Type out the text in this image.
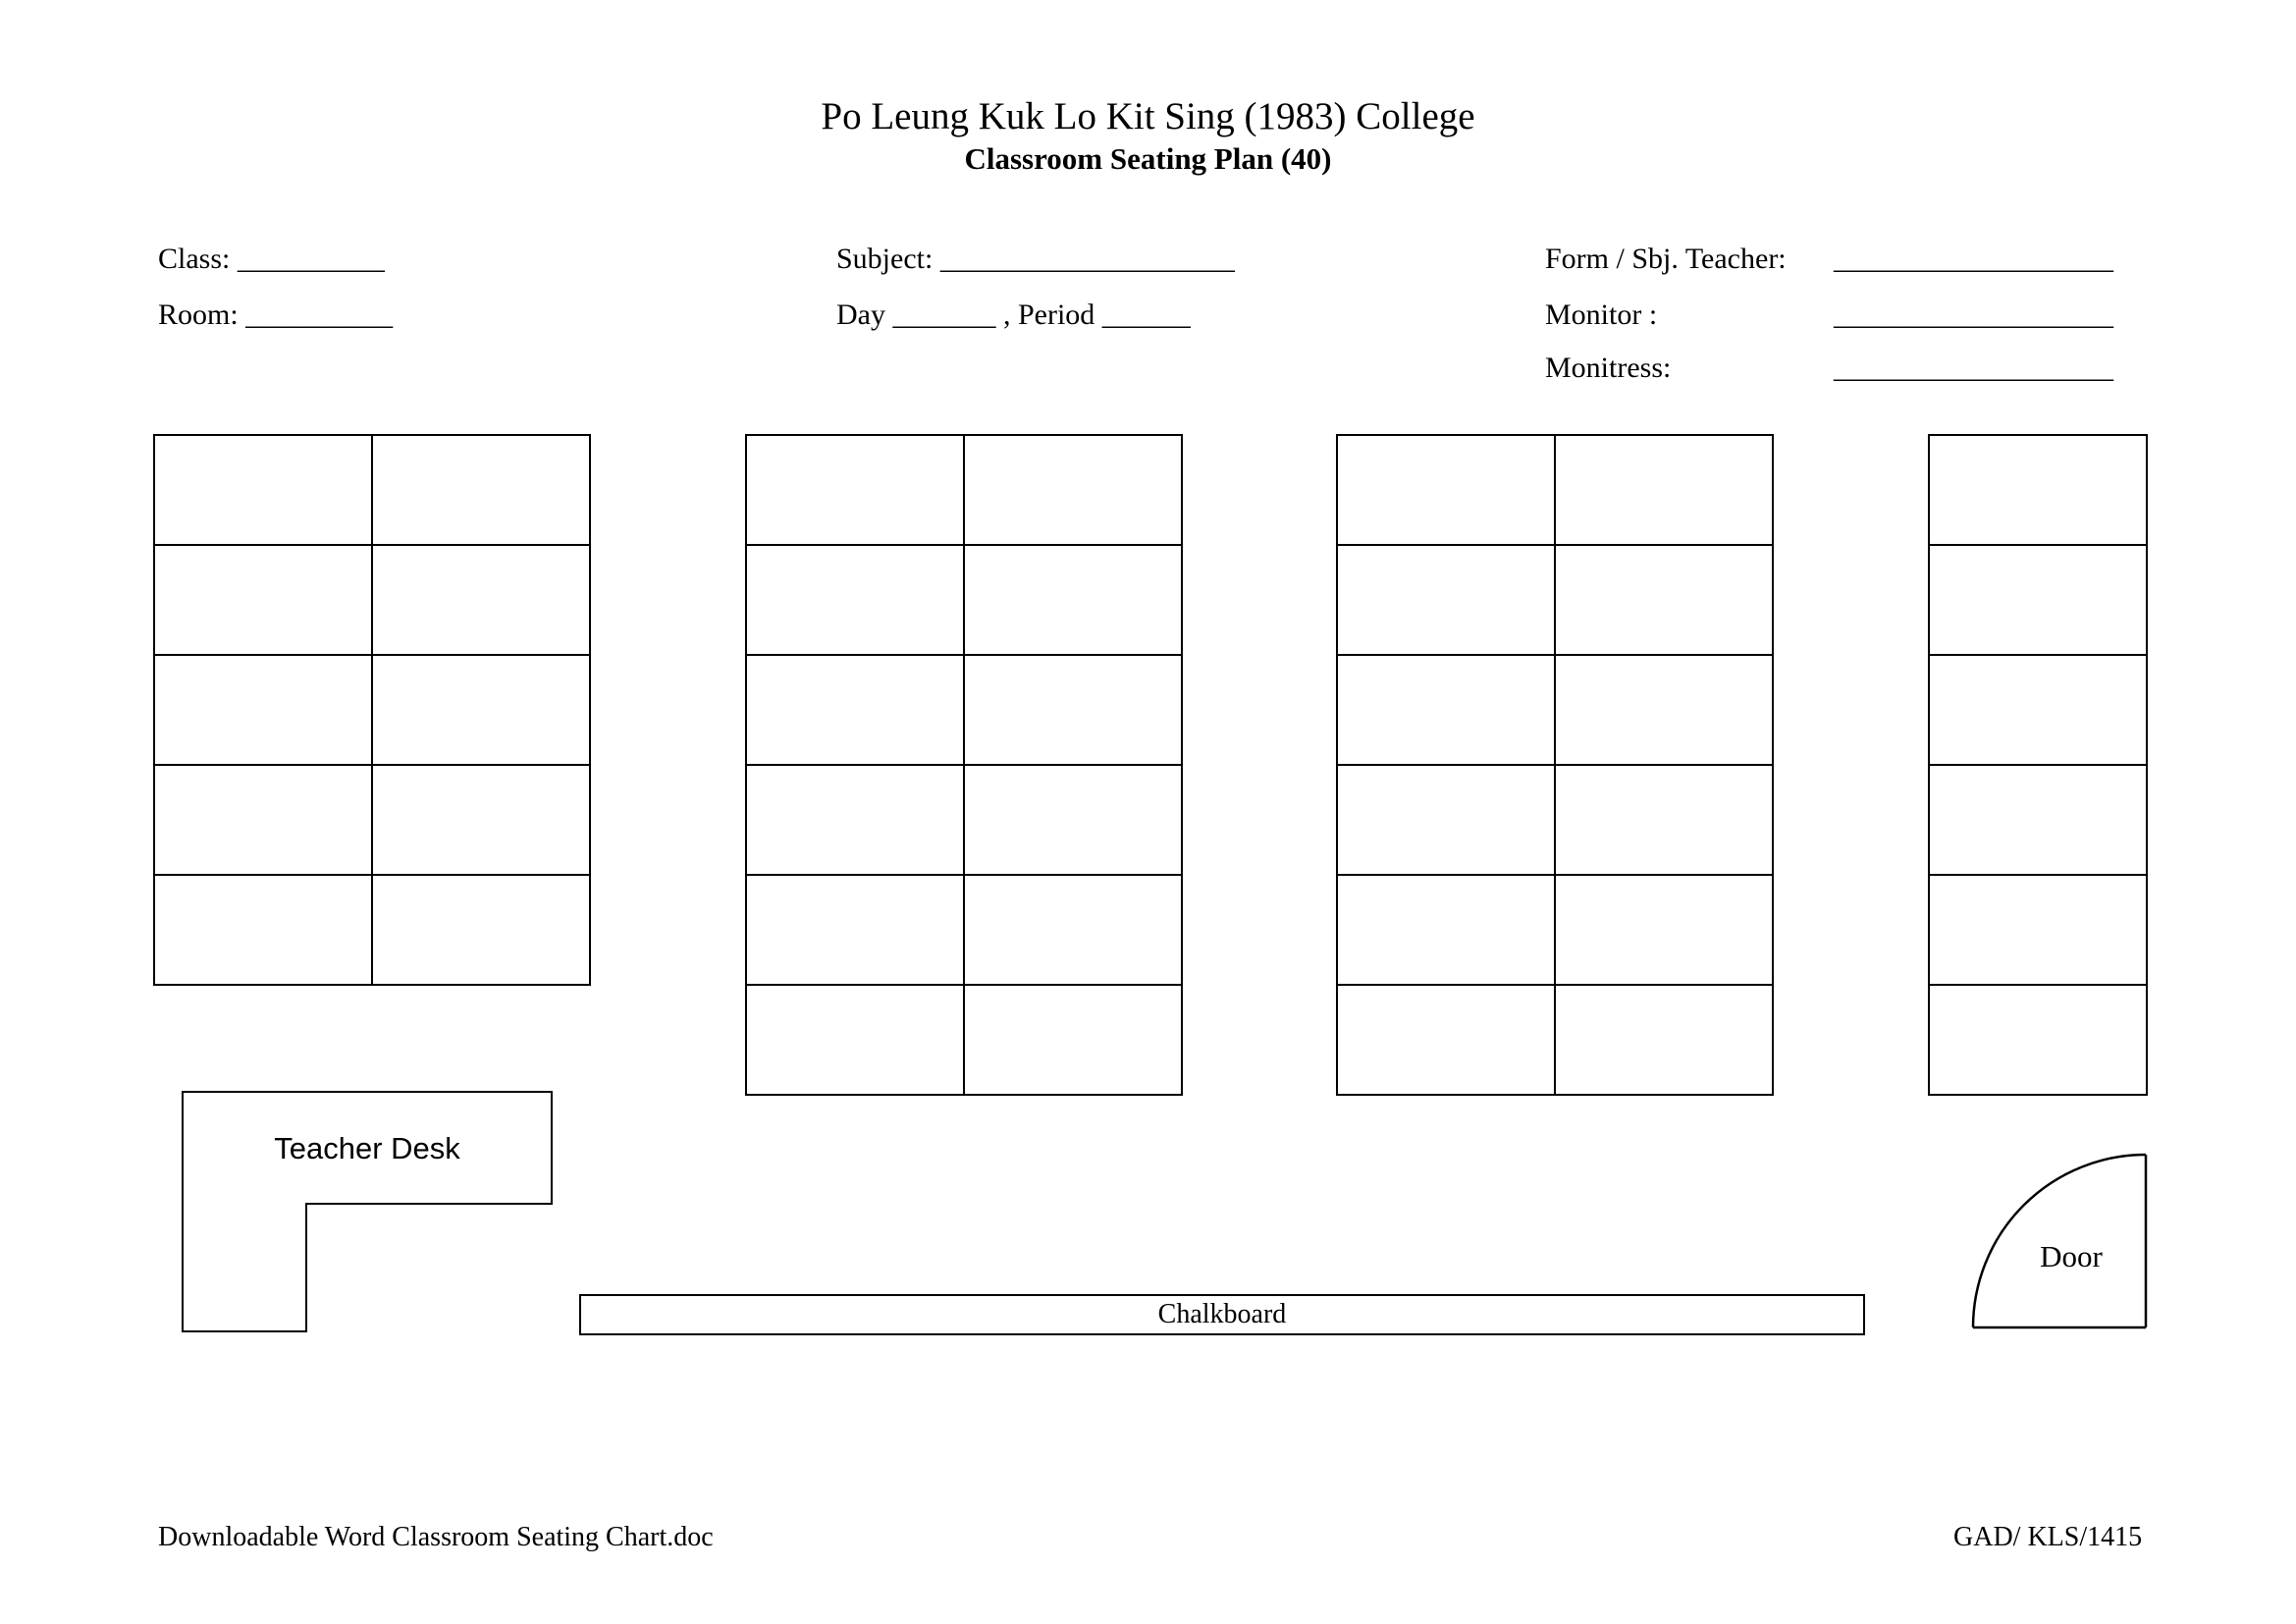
Po Leung Kuk Lo Kit Sing (1983) College
Classroom Seating Plan (40)
Class: __________
Room: __________
Subject: ____________________
Day _______ , Period ______
Form / Sbj. Teacher: ___________________
Monitor :	___________________
Monitress:	___________________
Teacher Desk
Chalkboard
Door
Downloadable Word Classroom Seating Chart.doc	GAD/ KLS/1415
